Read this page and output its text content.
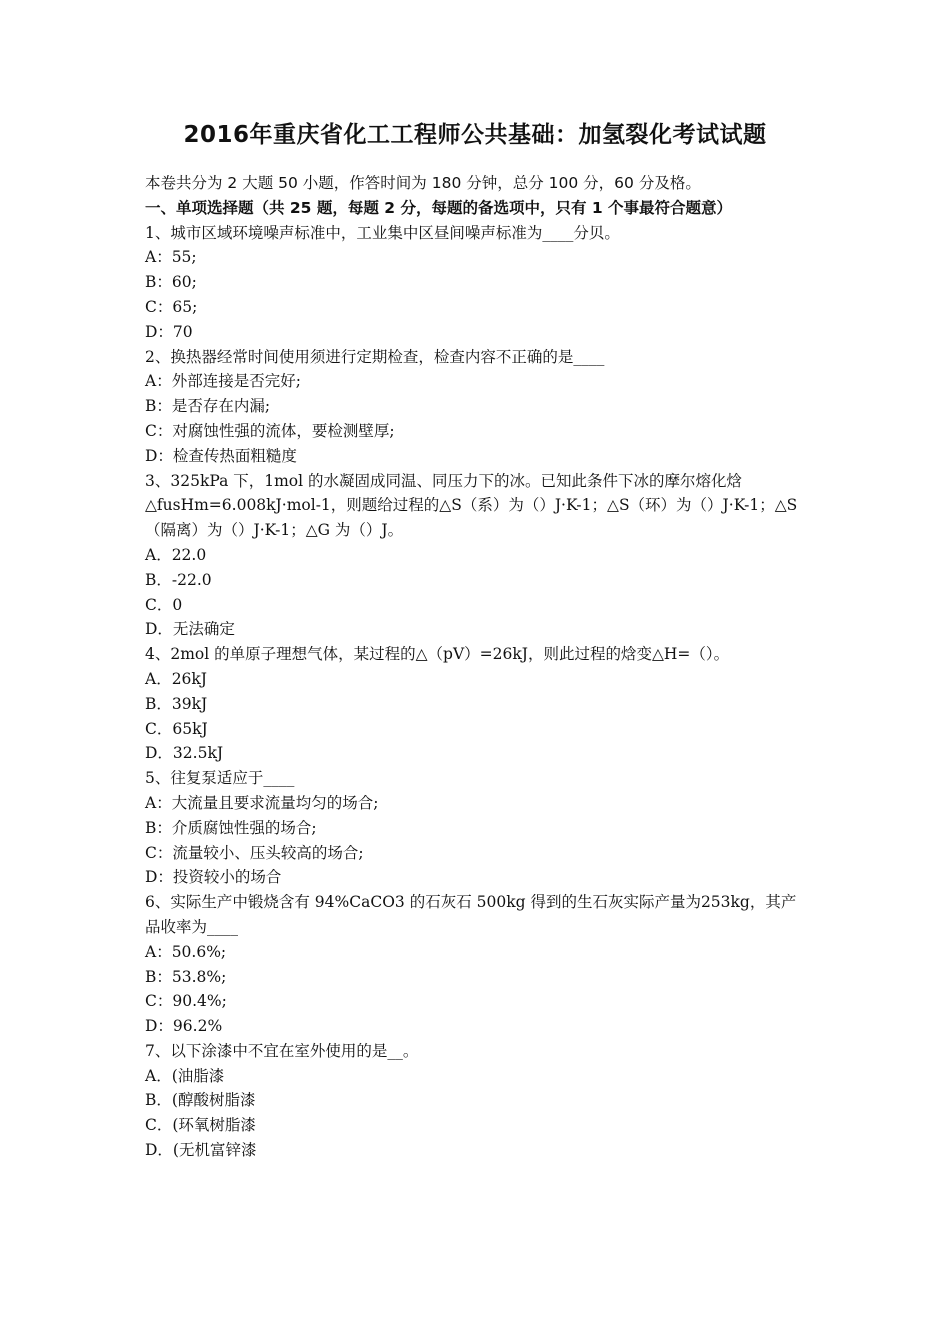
2016年重庆省化工工程师公共基础：加氢裂化考试试题
本卷共分为 2 大题 50 小题，作答时间为 180 分钟，总分 100 分，60 分及格。
一、单项选择题（共 25 题，每题 2 分，每题的备选项中，只有 1 个事最符合题意）
1、城市区域环境噪声标准中，工业集中区昼间噪声标准为____分贝。
A：55;
B：60;
C：65;
D：70
2、换热器经常时间使用须进行定期检查，检查内容不正确的是____
A：外部连接是否完好;
B：是否存在内漏;
C：对腐蚀性强的流体，要检测壁厚;
D：检查传热面粗糙度
3、325kPa 下，1mol 的水凝固成同温、同压力下的冰。已知此条件下冰的摩尔熔化焓△fusHm=6.008kJ·mol-1，则题给过程的△S（系）为（）J·K-1；△S（环）为（）J·K-1；△S（隔离）为（）J·K-1；△G 为（）J。
A．22.0
B．-22.0
C．0
D．无法确定
4、2mol 的单原子理想气体，某过程的△（pV）=26kJ，则此过程的焓变△H=（）。
A．26kJ
B．39kJ
C．65kJ
D．32.5kJ
5、往复泵适应于____
A：大流量且要求流量均匀的场合;
B：介质腐蚀性强的场合;
C：流量较小、压头较高的场合;
D：投资较小的场合
6、实际生产中锻烧含有 94%CaCO3 的石灰石 500kg 得到的生石灰实际产量为253kg，其产品收率为____
A：50.6%;
B：53.8%;
C：90.4%;
D：96.2%
7、以下涂漆中不宜在室外使用的是__。
A．(油脂漆
B．(醇酸树脂漆
C．(环氧树脂漆
D．(无机富锌漆
